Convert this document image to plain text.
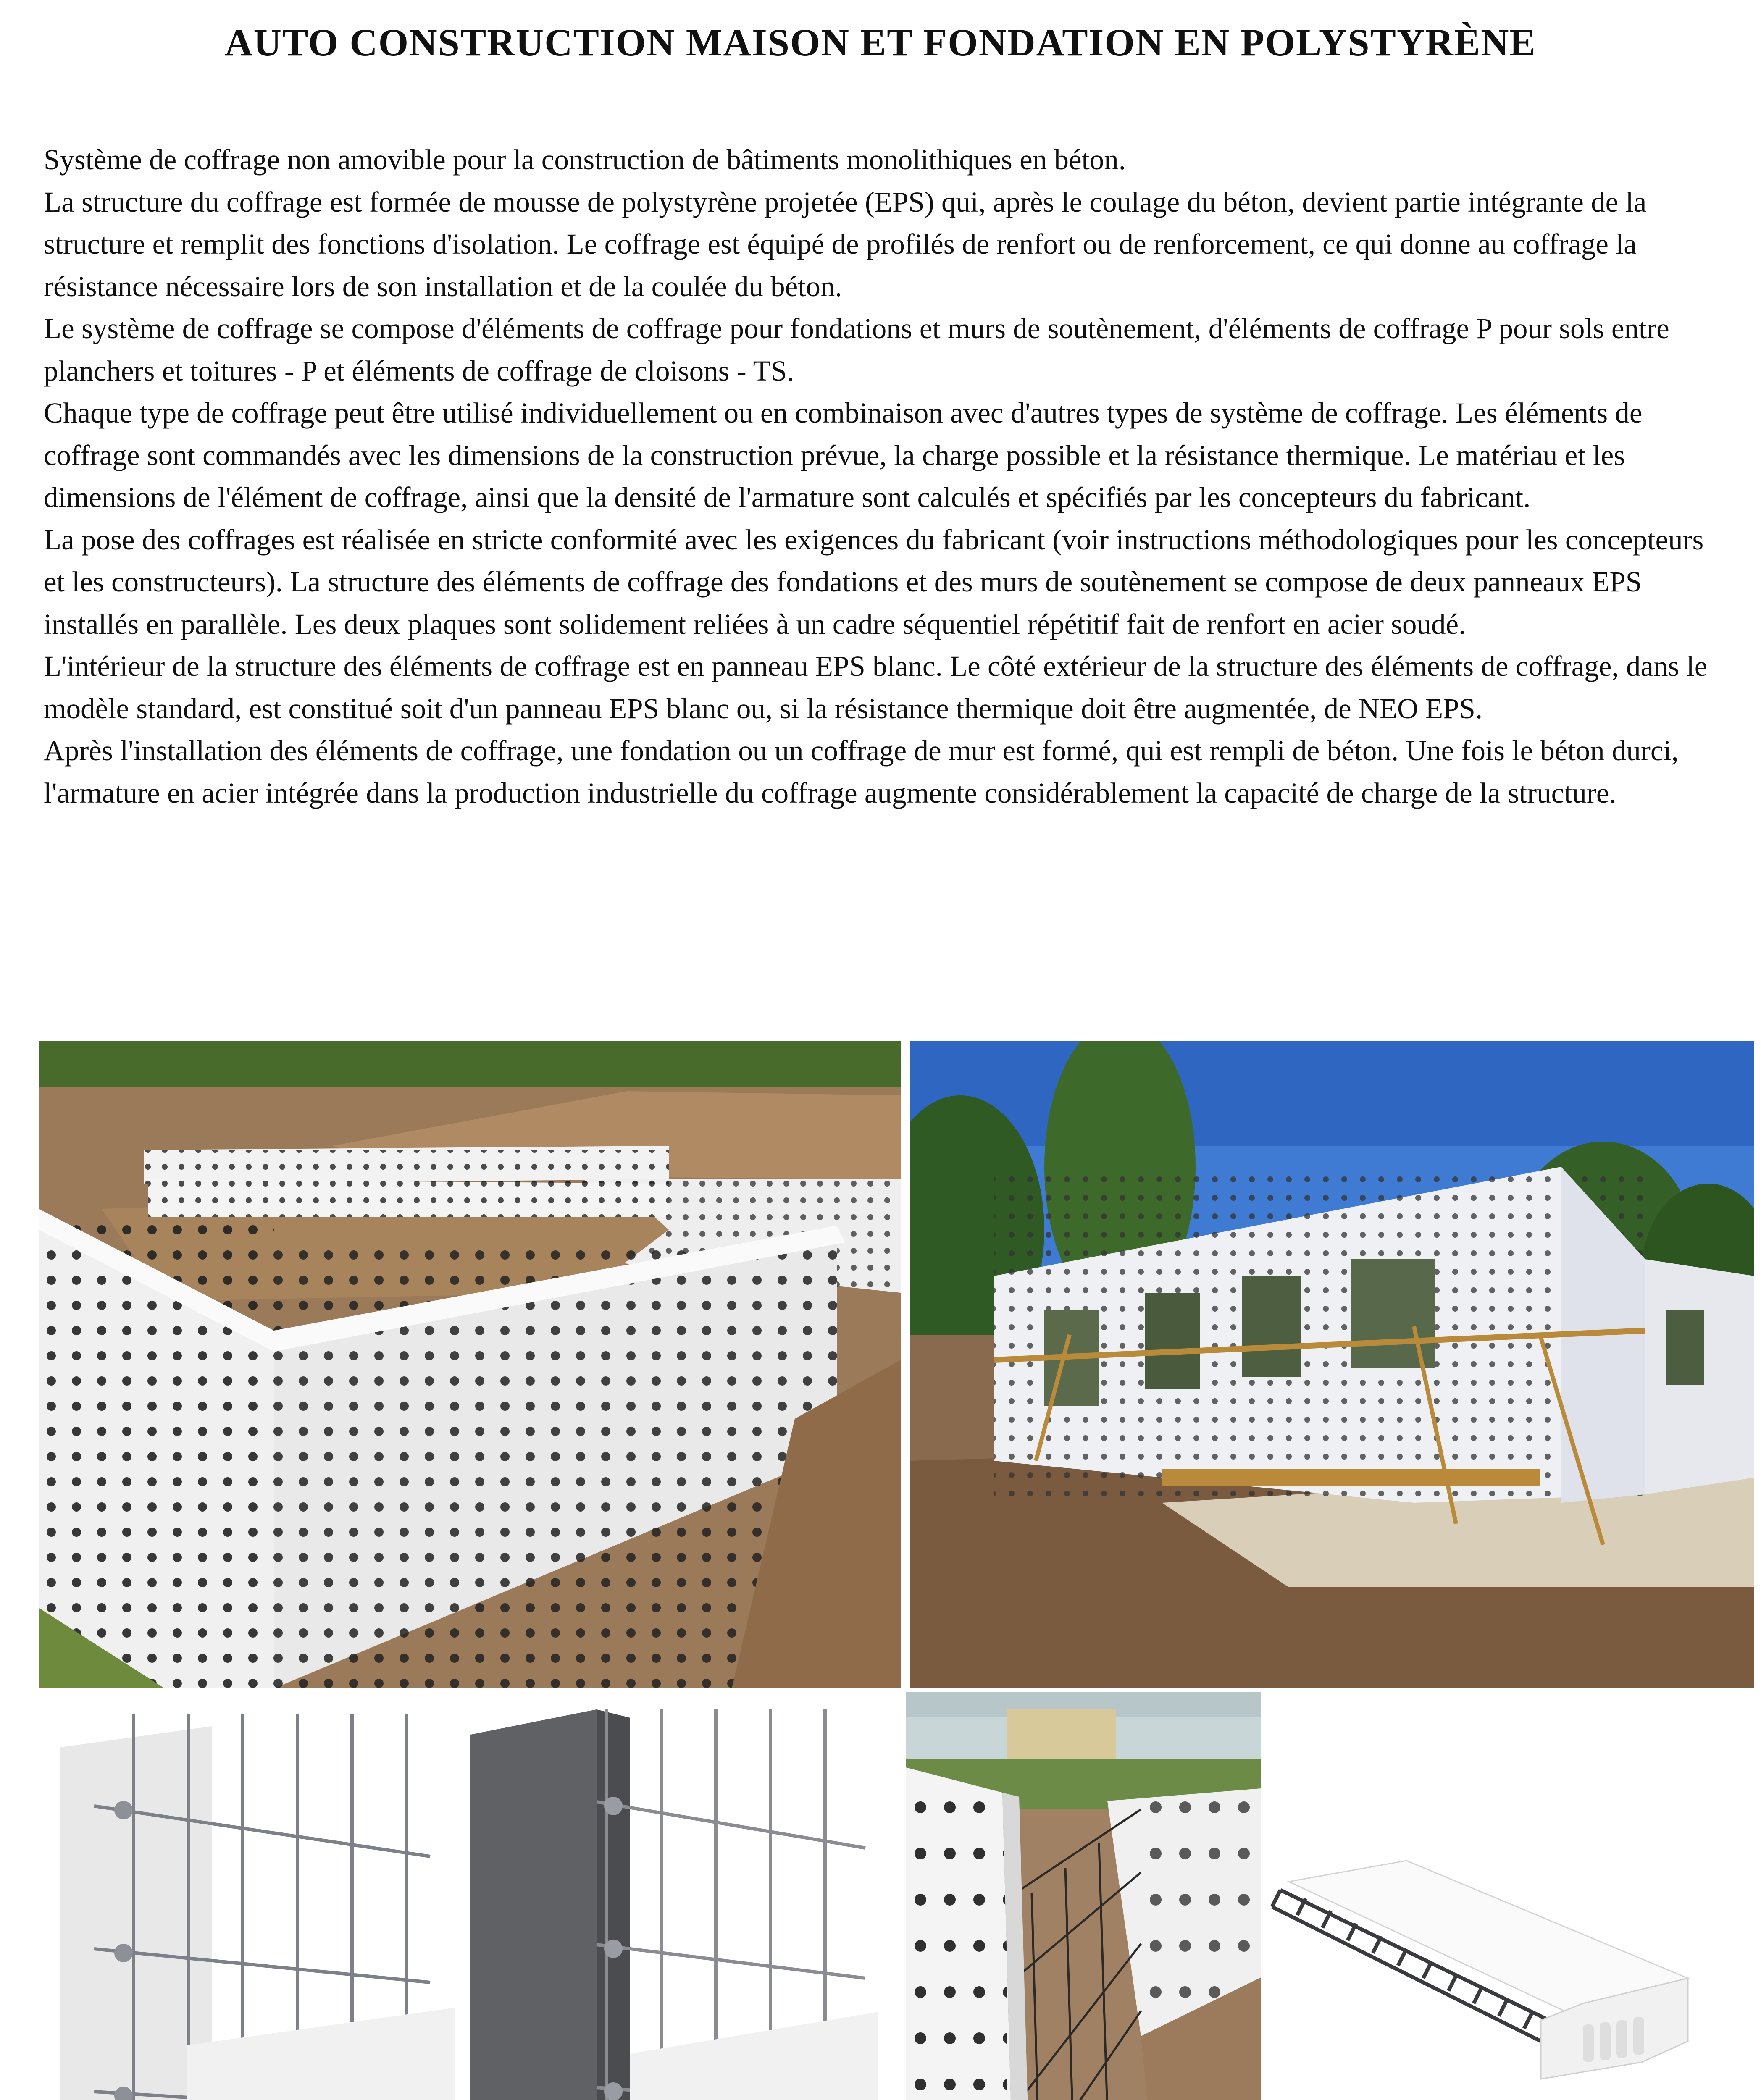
AUTO CONSTRUCTION MAISON ET FONDATION EN POLYSTYRÈNE

Système de coffrage non amovible pour la construction de bâtiments monolithiques en béton.

La structure du coffrage est formée de mousse de polystyrène projetée (EPS) qui, après le coulage du béton, devient partie intégrante de la structure et remplit des fonctions d'isolation. Le coffrage est équipé de profilés de renfort ou de renforcement, ce qui donne au coffrage la résistance nécessaire lors de son installation et de la coulée du béton.

Le système de coffrage se compose d'éléments de coffrage pour fondations et murs de soutènement, d'éléments de coffrage P pour sols entre planchers et toitures - P et éléments de coffrage de cloisons - TS.

Chaque type de coffrage peut être utilisé individuellement ou en combinaison avec d'autres types de système de coffrage. Les éléments de coffrage sont commandés avec les dimensions de la construction prévue, la charge possible et la résistance thermique. Le matériau et les dimensions de l'élément de coffrage, ainsi que la densité de l'armature sont calculés et spécifiés par les concepteurs du fabricant.

La pose des coffrages est réalisée en stricte conformité avec les exigences du fabricant (voir instructions méthodologiques pour les concepteurs et les constructeurs). La structure des éléments de coffrage des fondations et des murs de soutènement se compose de deux panneaux EPS installés en parallèle. Les deux plaques sont solidement reliées à un cadre séquentiel répétitif fait de renfort en acier soudé.

L'intérieur de la structure des éléments de coffrage est en panneau EPS blanc. Le côté extérieur de la structure des éléments de coffrage, dans le modèle standard, est constitué soit d'un panneau EPS blanc ou, si la résistance thermique doit être augmentée, de NEO EPS.

Après l'installation des éléments de coffrage, une fondation ou un coffrage de mur est formé, qui est rempli de béton. Une fois le béton durci, l'armature en acier intégrée dans la production industrielle du coffrage augmente considérablement la capacité de charge de la structure.
